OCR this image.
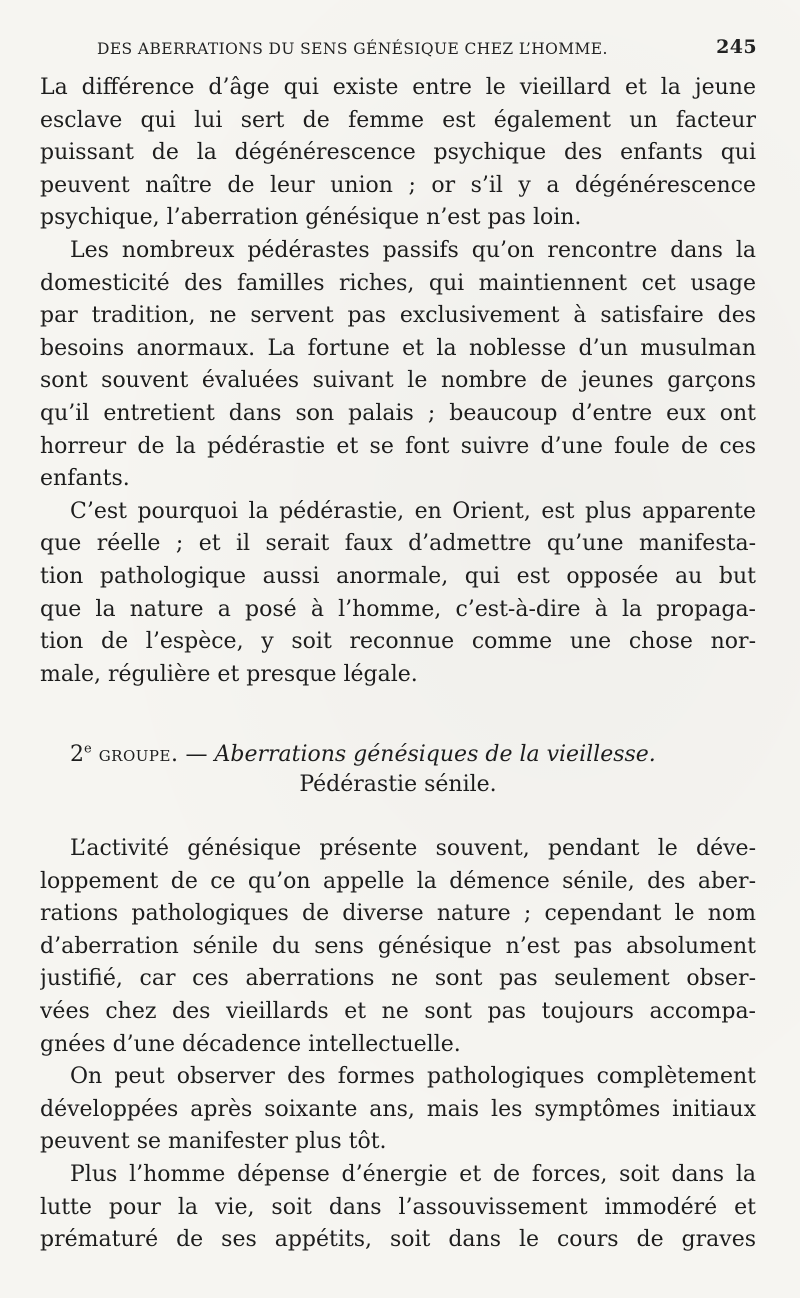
DES ABERRATIONS DU SENS GÉNÉSIQUE CHEZ L’HOMME.	245
La différence d’âge qui existe entre le vieillard et la jeune
esclave qui lui sert de femme est également un facteur
puissant de la dégénérescence psychique des enfants qui
peuvent naître de leur union ; or s’il y a dégénérescence
psychique, l’aberration génésique n’est pas loin.
Les nombreux pédérastes passifs qu’on rencontre dans la
domesticité des familles riches, qui maintiennent cet usage
par tradition, ne servent pas exclusivement à satisfaire des
besoins anormaux. La fortune et la noblesse d’un musulman
sont souvent évaluées suivant le nombre de jeunes garçons
qu’il entretient dans son palais ; beaucoup d’entre eux ont
horreur de la pédérastie et se font suivre d’une foule de ces
enfants.
C’est pourquoi la pédérastie, en Orient, est plus apparente
que réelle ; et il serait faux d’admettre qu’une manifesta-
tion pathologique aussi anormale, qui est opposée au but
que la nature a posé à l’homme, c’est-à-dire à la propaga-
tion de l’espèce, y soit reconnue comme une chose nor-
male, régulière et presque légale.
2e groupe. — Aberrations génésiques de la vieillesse.
Pédérastie sénile.
L’activité génésique présente souvent, pendant le déve-
loppement de ce qu’on appelle la démence sénile, des aber-
rations pathologiques de diverse nature ; cependant le nom
d’aberration sénile du sens génésique n’est pas absolument
justifié, car ces aberrations ne sont pas seulement obser-
vées chez des vieillards et ne sont pas toujours accompa-
gnées d’une décadence intellectuelle.
On peut observer des formes pathologiques complètement
développées après soixante ans, mais les symptômes initiaux
peuvent se manifester plus tôt.
Plus l’homme dépense d’énergie et de forces, soit dans la
lutte pour la vie, soit dans l’assouvissement immodéré et
prématuré de ses appétits, soit dans le cours de graves
